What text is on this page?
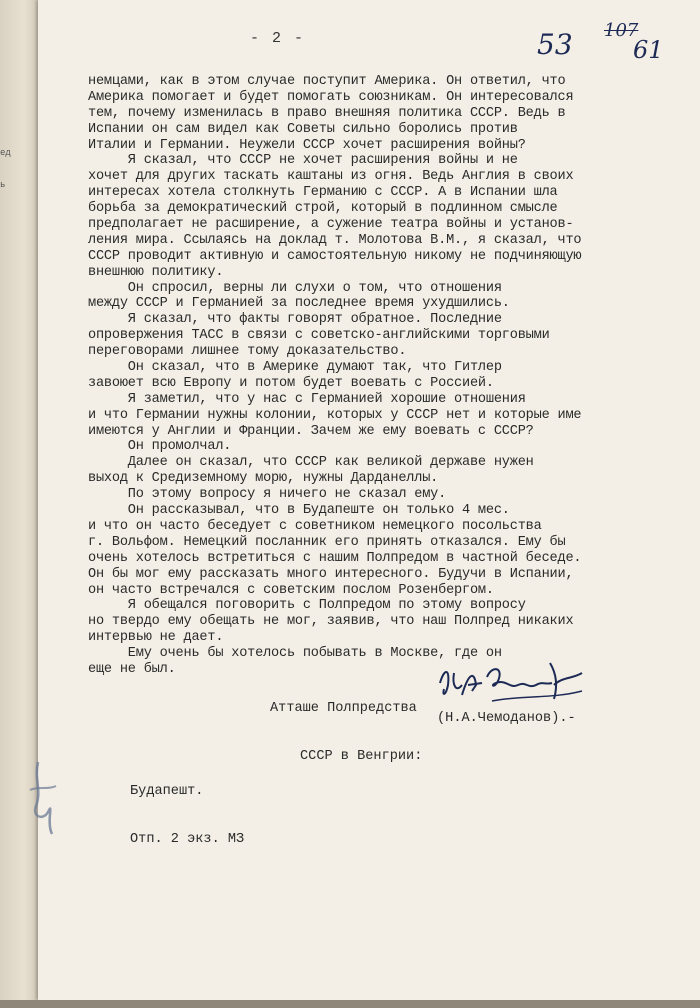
ед
ь
- 2 -	53 107
61
немцами, как в этом случае поступит Америка. Он ответил, что
Америка помогает и будет помогать союзникам. Он интересовался
тем, почему изменилась в право внешняя политика СССР. Ведь в
Испании он сам видел как Советы сильно боролись против
Италии и Германии. Неужели СССР хочет расширения войны?
Я сказал, что СССР не хочет расширения войны и не
хочет для других таскать каштаны из огня. Ведь Англия в своих
интересах хотела столкнуть Германию с СССР. А в Испании шла
борьба за демократический строй, который в подлинном смысле
предполагает не расширение, а сужение театра войны и установ-
ления мира. Ссылаясь на доклад т. Молотова В.М., я сказал, что
СССР проводит активную и самостоятельную никому не подчиняющую
внешнюю политику.
Он спросил, верны ли слухи о том, что отношения
между СССР и Германией за последнее время ухудшились.
Я сказал, что факты говорят обратное. Последние
опровержения ТАСС в связи с советско-английскими торговыми
переговорами лишнее тому доказательство.
Он сказал, что в Америке думают так, что Гитлер
завоюет всю Европу и потом будет воевать с Россией.
Я заметил, что у нас с Германией хорошие отношения
и что Германии нужны колонии, которых у СССР нет и которые име
имеются у Англии и Франции. Зачем же ему воевать с СССР?
Он промолчал.
Далее он сказал, что СССР как великой державе нужен
выход к Средиземному морю, нужны Дарданеллы.
По этому вопросу я ничего не сказал ему.
Он рассказывал, что в Будапеште он только 4 мес.
и что он часто беседует с советником немецкого посольства
г. Вольфом. Немецкий посланник его принять отказался. Ему бы
очень хотелось встретиться с нашим Полпредом в частной беседе.
Он бы мог ему рассказать много интересного. Будучи в Испании,
он часто встречался с советским послом Розенбергом.
Я обещался поговорить с Полпредом по этому вопросу
но твердо ему обещать не мог, заявив, что наш Полпред никаких
интервью не дает.
Ему очень бы хотелось побывать в Москве, где он
еще не был.

Атташе Полпредства

СССР в Венгрии:

(Н.А.Чемоданов).-

Будапешт.

Отп. 2 экз. МЗ
